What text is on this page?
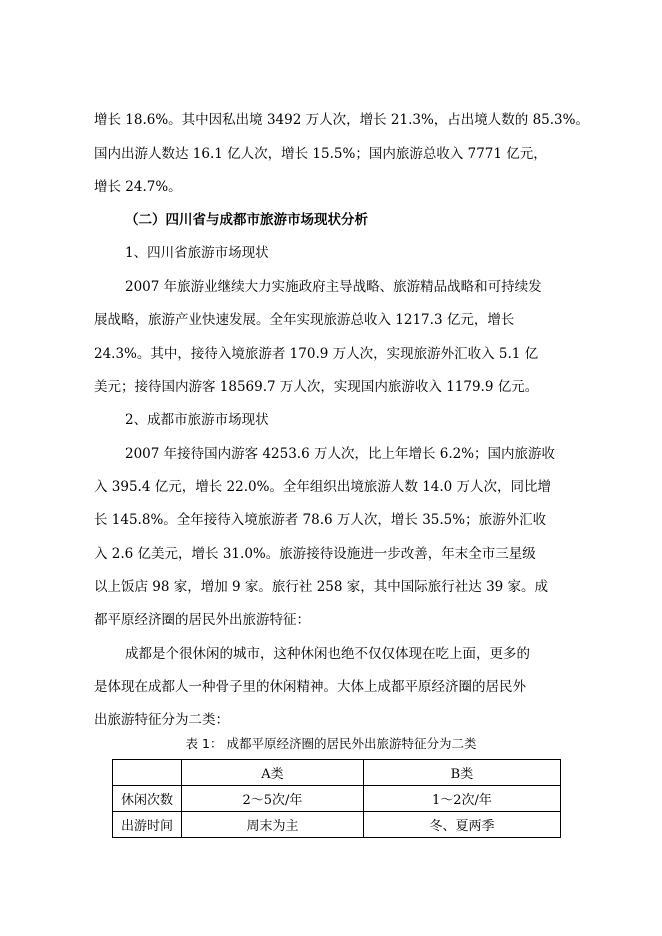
增长 18.6%。其中因私出境 3492 万人次，增长 21.3%，占出境人数的 85.3%。
国内出游人数达 16.1 亿人次，增长 15.5%；国内旅游总收入 7771 亿元，
增长 24.7%。
（二）四川省与成都市旅游市场现状分析
1、四川省旅游市场现状
2007 年旅游业继续大力实施政府主导战略、旅游精品战略和可持续发
展战略，旅游产业快速发展。全年实现旅游总收入 1217.3 亿元，增长
24.3%。其中，接待入境旅游者 170.9 万人次，实现旅游外汇收入 5.1 亿
美元；接待国内游客 18569.7 万人次，实现国内旅游收入 1179.9 亿元。
2、成都市旅游市场现状
2007 年接待国内游客 4253.6 万人次，比上年增长 6.2%；国内旅游收
入 395.4 亿元，增长 22.0%。全年组织出境旅游人数 14.0 万人次，同比增
长 145.8%。全年接待入境旅游者 78.6 万人次，增长 35.5%；旅游外汇收
入 2.6 亿美元，增长 31.0%。旅游接待设施进一步改善，年末全市三星级
以上饭店 98 家，增加 9 家。旅行社 258 家，其中国际旅行社达 39 家。成
都平原经济圈的居民外出旅游特征：
成都是个很休闲的城市，这种休闲也绝不仅仅体现在吃上面，更多的
是体现在成都人一种骨子里的休闲精神。大体上成都平原经济圈的居民外
出旅游特征分为二类：
表 1： 成都平原经济圈的居民外出旅游特征分为二类
	A类	B类
休闲次数	2～5次/年	1～2次/年
出游时间	周末为主	冬、夏两季
